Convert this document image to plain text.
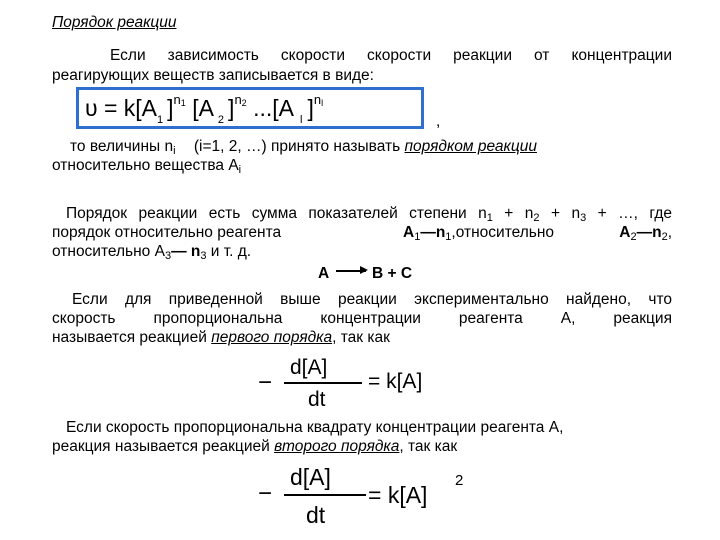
Порядок реакции
Если зависимость скорости скорости реакции от концентрации
реагирующих веществ записывается в виде:
$\upsilon = k[A_1$ ]$^{n1}$ [A $_2$ ]$^{n2}$ ...[A $_l$ ]$^{nl}$
,
то величины $n_i$ (i=1, 2, …) принято называть порядком реакции
относительно вещества $A_i$
Порядок реакции есть сумма показателей степени $n_1 + n_2 + n_3$ + …, где
порядок относительно реагента	$A_1—n_1,относительно$	$A_2—n_2$,
относительно $A_3—$ $n_3$ и т. д.
A → B + C
Если для приведенной выше реакции экспериментально найдено, что
скорость пропорциональна концентрации реагента A, реакция
называется реакцией первого порядка, так как
−
d[A]
dt
= k[A]
Если скорость пропорциональна квадрату концентрации реагента A,
реакция называется реакцией второго порядка, так как
−
d[A]
dt
= k[A]
2
